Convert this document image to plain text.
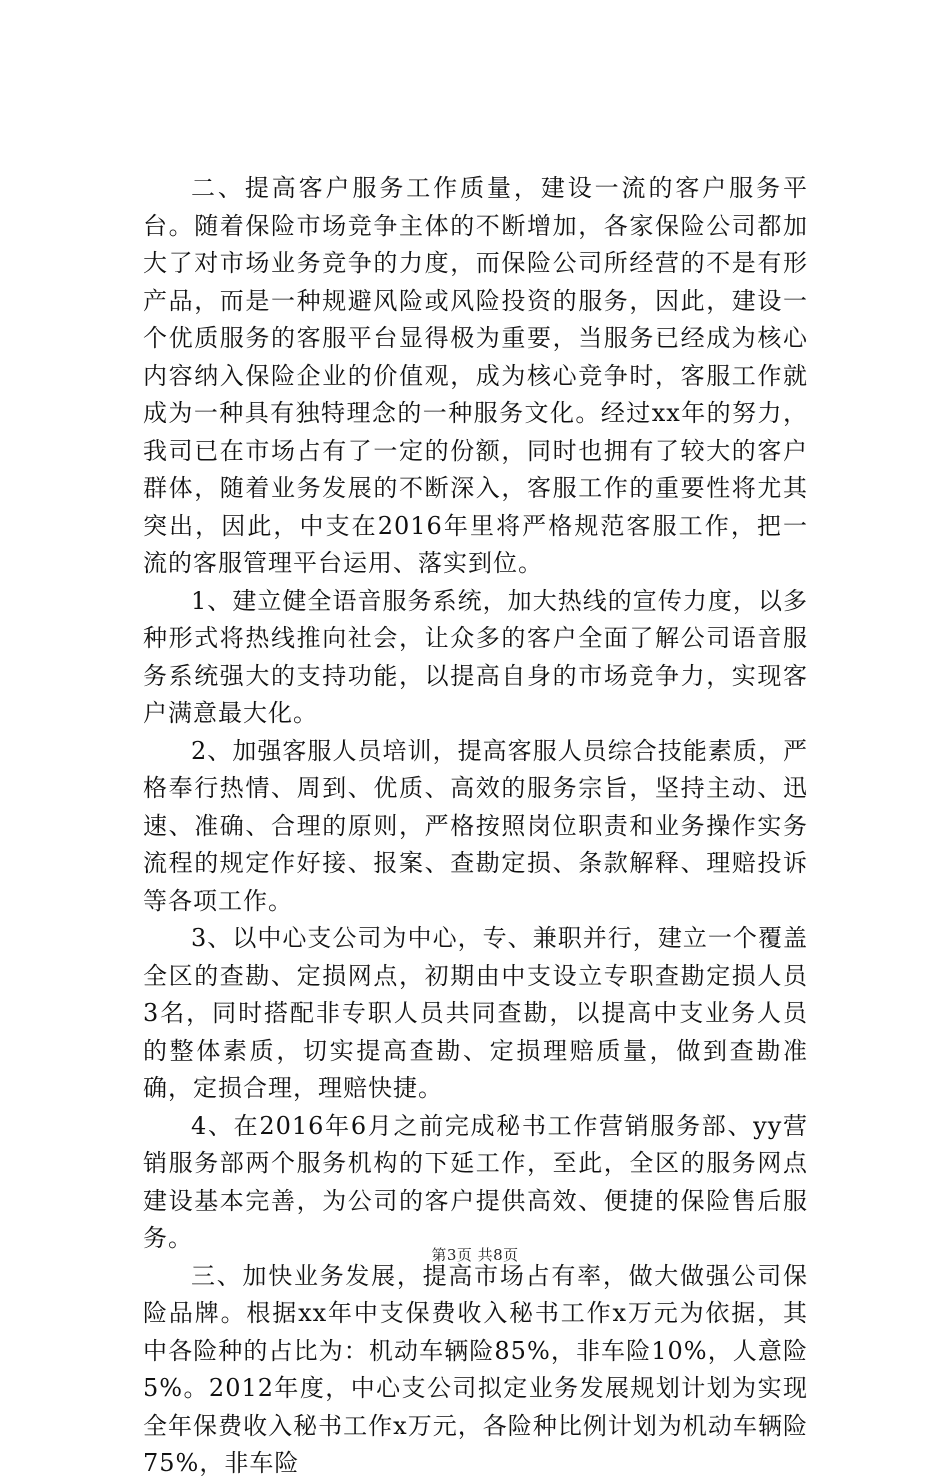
二、提高客户服务工作质量，建设一流的客户服务平台。随着保险市场竞争主体的不断增加，各家保险公司都加大了对市场业务竞争的力度，而保险公司所经营的不是有形产品，而是一种规避风险或风险投资的服务，因此，建设一个优质服务的客服平台显得极为重要，当服务已经成为核心内容纳入保险企业的价值观，成为核心竞争时，客服工作就成为一种具有独特理念的一种服务文化。经过xx年的努力，我司已在市场占有了一定的份额，同时也拥有了较大的客户群体，随着业务发展的不断深入，客服工作的重要性将尤其突出，因此，中支在2016年里将严格规范客服工作，把一流的客服管理平台运用、落实到位。

1、建立健全语音服务系统，加大热线的宣传力度，以多种形式将热线推向社会，让众多的客户全面了解公司语音服务系统强大的支持功能，以提高自身的市场竞争力，实现客户满意最大化。

2、加强客服人员培训，提高客服人员综合技能素质，严格奉行热情、周到、优质、高效的服务宗旨，坚持主动、迅速、准确、合理的原则，严格按照岗位职责和业务操作实务流程的规定作好接、报案、查勘定损、条款解释、理赔投诉等各项工作。

3、以中心支公司为中心，专、兼职并行，建立一个覆盖全区的查勘、定损网点，初期由中支设立专职查勘定损人员3名，同时搭配非专职人员共同查勘，以提高中支业务人员的整体素质，切实提高查勘、定损理赔质量，做到查勘准确，定损合理，理赔快捷。

4、在2016年6月之前完成秘书工作营销服务部、yy营销服务部两个服务机构的下延工作，至此，全区的服务网点建设基本完善，为公司的客户提供高效、便捷的保险售后服务。

三、加快业务发展，提高市场占有率，做大做强公司保险品牌。根据xx年中支保费收入秘书工作x万元为依据，其中各险种的占比为：机动车辆险85%，非车险10%，人意险5%。2012年度，中心支公司拟定业务发展规划计划为实现全年保费收入秘书工作x万元，各险种比例计划为机动车辆险75%，非车险

第3页 共8页
